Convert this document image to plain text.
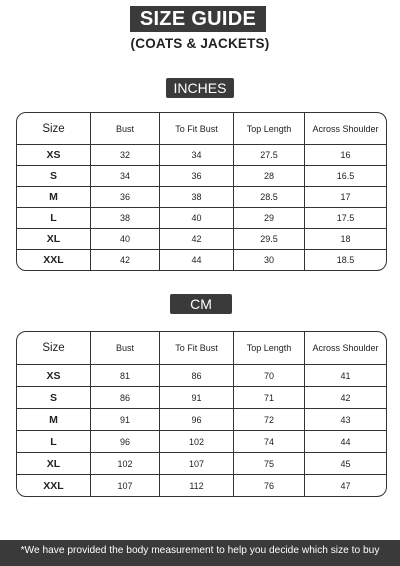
SIZE GUIDE
(COATS & JACKETS)
INCHES
Size	Bust	To Fit Bust	Top Length	Across Shoulder
XS	32	34	27.5	16
S	34	36	28	16.5
M	36	38	28.5	17
L	38	40	29	17.5
XL	40	42	29.5	18
XXL	42	44	30	18.5
CM
Size	Bust	To Fit Bust	Top Length	Across Shoulder
XS	81	86	70	41
S	86	91	71	42
M	91	96	72	43
L	96	102	74	44
XL	102	107	75	45
XXL	107	112	76	47
*We have provided the body measurement to help you decide which size to buy
